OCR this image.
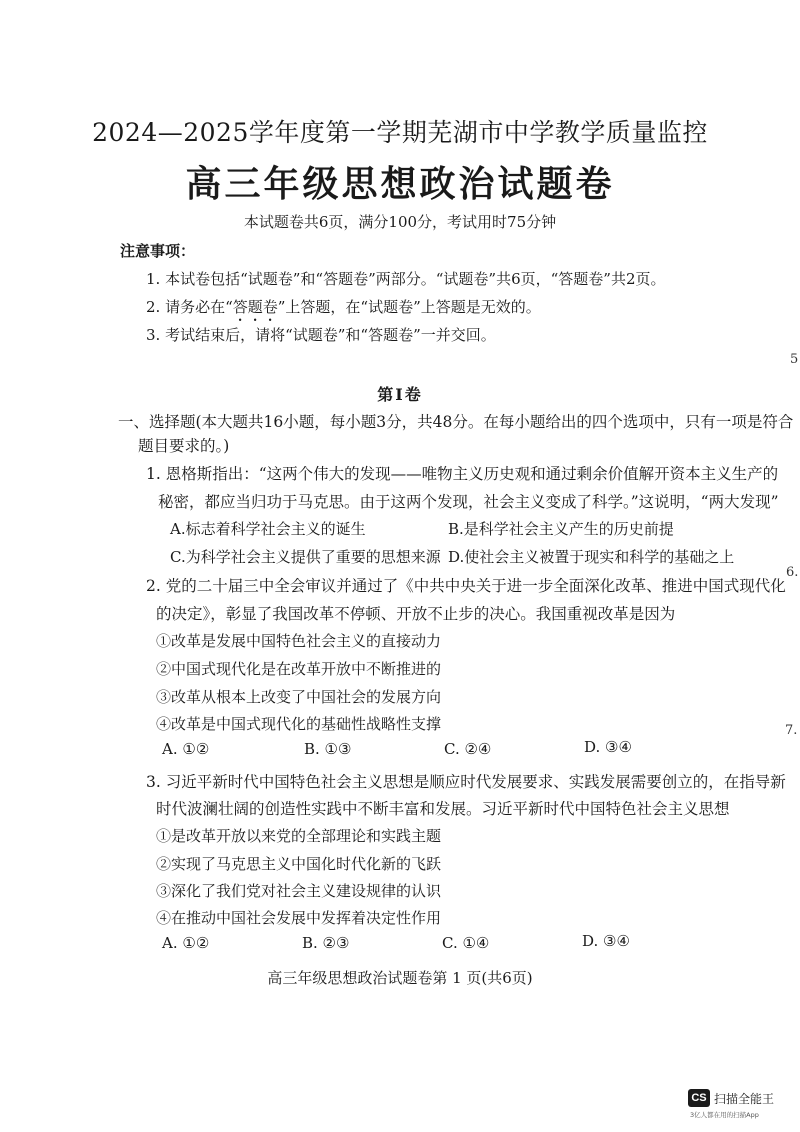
2024—2025学年度第一学期芜湖市中学教学质量监控
高三年级思想政治试题卷
本试题卷共6页，满分100分，考试用时75分钟
注意事项：
1. 本试卷包括“试题卷”和“答题卷”两部分。“试题卷”共6页，“答题卷”共2页。
2. 请务必在“答题卷”上答题，在“试题卷”上答题是无效的。
3. 考试结束后，请将“试题卷”和“答题卷”一并交回。
第Ⅰ卷
一、选择题(本大题共16小题，每小题3分，共48分。在每小题给出的四个选项中，只有一项是符合
题目要求的。)
1. 恩格斯指出：“这两个伟大的发现——唯物主义历史观和通过剩余价值解开资本主义生产的
秘密，都应当归功于马克思。由于这两个发现，社会主义变成了科学。”这说明，“两大发现”
A.标志着科学社会主义的诞生	B.是科学社会主义产生的历史前提
C.为科学社会主义提供了重要的思想来源 D.使社会主义被置于现实和科学的基础之上
2. 党的二十届三中全会审议并通过了《中共中央关于进一步全面深化改革、推进中国式现代化
的决定》，彰显了我国改革不停顿、开放不止步的决心。我国重视改革是因为
①改革是发展中国特色社会主义的直接动力
②中国式现代化是在改革开放中不断推进的
③改革从根本上改变了中国社会的发展方向
④改革是中国式现代化的基础性战略性支撑
A. ①②	B. ①③	C. ②④	D. ③④
3. 习近平新时代中国特色社会主义思想是顺应时代发展要求、实践发展需要创立的，在指导新
时代波澜壮阔的创造性实践中不断丰富和发展。习近平新时代中国特色社会主义思想
①是改革开放以来党的全部理论和实践主题
②实现了马克思主义中国化时代化新的飞跃
③深化了我们党对社会主义建设规律的认识
④在推动中国社会发展中发挥着决定性作用
A. ①②	B. ②③	C. ①④	D. ③④
高三年级思想政治试题卷第 1 页(共6页)
5
6.
7.
CS 扫描全能王
3亿人都在用的扫描App
